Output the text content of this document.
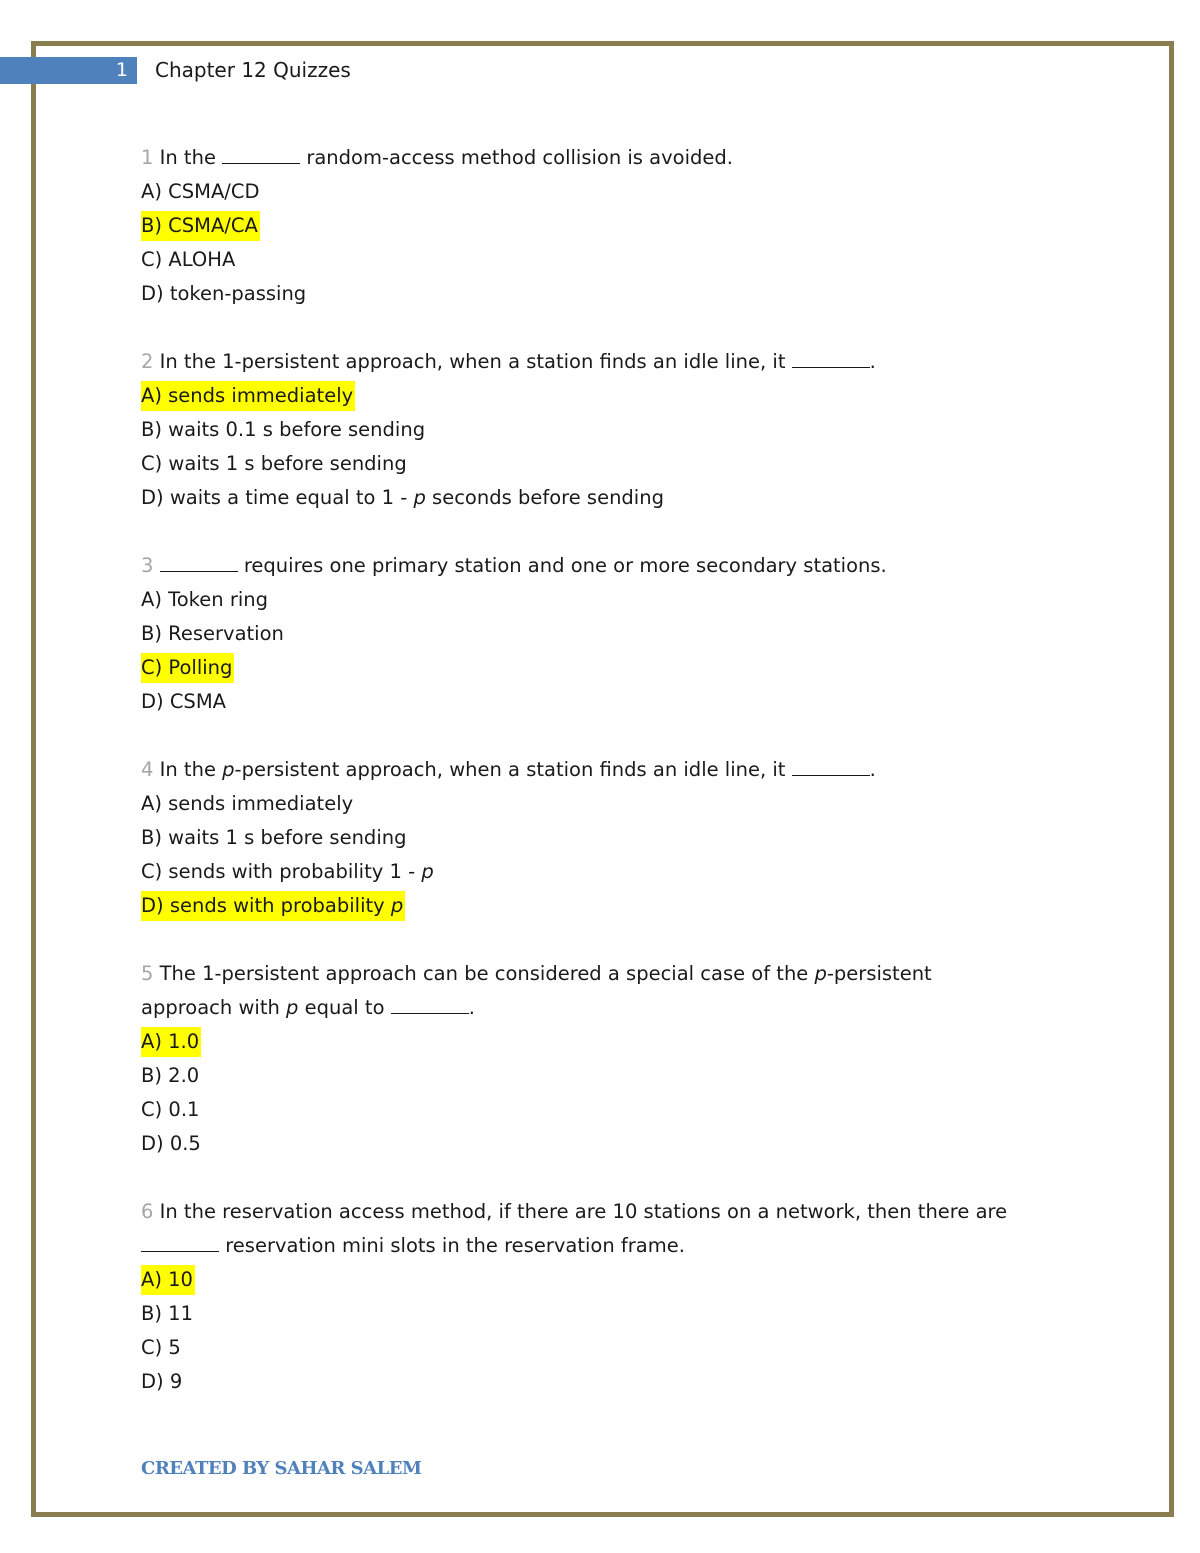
1 Chapter 12 Quizzes
1 In the	random-access method collision is avoided.
A) CSMA/CD
B) CSMA/CA
C) ALOHA
D) token-passing
2 In the 1-persistent approach, when a station finds an idle line, it	.
A) sends immediately
B) waits 0.1 s before sending
C) waits 1 s before sending
D) waits a time equal to 1 - p seconds before sending
3	requires one primary station and one or more secondary stations.
A) Token ring
B) Reservation
C) Polling
D) CSMA
4 In the p-persistent approach, when a station finds an idle line, it	.
A) sends immediately
B) waits 1 s before sending
C) sends with probability 1 - p
D) sends with probability p
5 The 1-persistent approach can be considered a special case of the p-persistent
approach with p equal to	.
A) 1.0
B) 2.0
C) 0.1
D) 0.5
6 In the reservation access method, if there are 10 stations on a network, then there are
reservation mini slots in the reservation frame.
A) 10
B) 11
C) 5
D) 9
CREATED BY SAHAR SALEM
